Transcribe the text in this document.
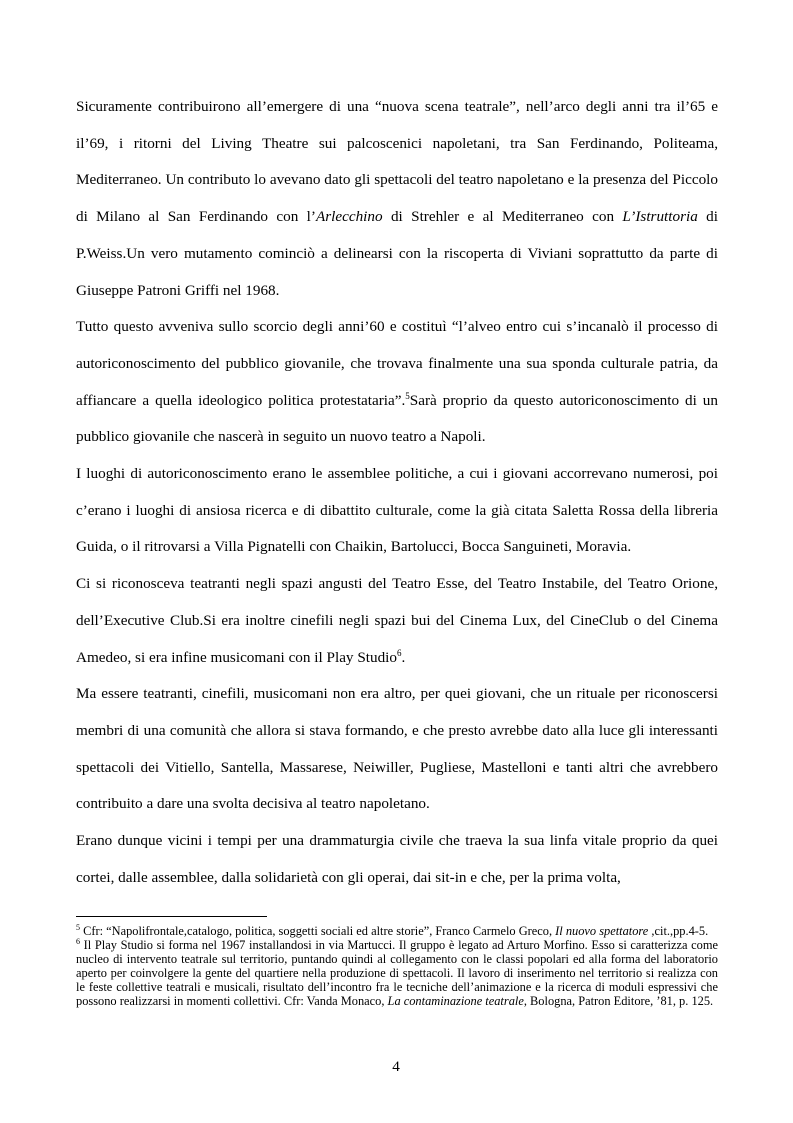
Sicuramente contribuirono all’emergere di una “nuova scena teatrale”, nell’arco degli anni tra il’65 e il’69, i ritorni del Living Theatre sui palcoscenici napoletani, tra San Ferdinando, Politeama, Mediterraneo. Un contributo lo avevano dato gli spettacoli del teatro napoletano e la presenza del Piccolo di Milano al San Ferdinando con l’Arlecchino di Strehler e al Mediterraneo con L’Istruttoria di P.Weiss.Un vero mutamento cominciò a delinearsi con la riscoperta di Viviani soprattutto da parte di Giuseppe Patroni Griffi nel 1968.

Tutto questo avveniva sullo scorcio degli anni’60 e costituì “l’alveo entro cui s’incanalò il processo di autoriconoscimento del pubblico giovanile, che trovava finalmente una sua sponda culturale patria, da affiancare a quella ideologico politica protestataria”.$^5$Sarà proprio da questo autoriconoscimento di un pubblico giovanile che nascerà in seguito un nuovo teatro a Napoli.

I luoghi di autoriconoscimento erano le assemblee politiche, a cui i giovani accorrevano numerosi, poi c’erano i luoghi di ansiosa ricerca e di dibattito culturale, come la già citata Saletta Rossa della libreria Guida, o il ritrovarsi a Villa Pignatelli con Chaikin, Bartolucci, Bocca Sanguineti, Moravia.

Ci si riconosceva teatranti negli spazi angusti del Teatro Esse, del Teatro Instabile, del Teatro Orione, dell’Executive Club.Si era inoltre cinefili negli spazi bui del Cinema Lux, del CineClub o del Cinema Amedeo, si era infine musicomani con il Play Studio$^6$.

Ma essere teatranti, cinefili, musicomani non era altro, per quei giovani, che un rituale per riconoscersi membri di una comunità che allora si stava formando, e che presto avrebbe dato alla luce gli interessanti spettacoli dei Vitiello, Santella, Massarese, Neiwiller, Pugliese, Mastelloni e tanti altri che avrebbero contribuito a dare una svolta decisiva al teatro napoletano.

Erano dunque vicini i tempi per una drammaturgia civile che traeva la sua linfa vitale proprio da quei cortei, dalle assemblee, dalla solidarietà con gli operai, dai sit-in e che, per la prima volta,

$^5$ Cfr: “Napolifrontale,catalogo, politica, soggetti sociali ed altre storie”, Franco Carmelo Greco, Il nuovo spettatore ,cit.,pp.4-5.

$^6$ Il Play Studio si forma nel 1967 installandosi in via Martucci. Il gruppo è legato ad Arturo Morfino. Esso si caratterizza come nucleo di intervento teatrale sul territorio, puntando quindi al collegamento con le classi popolari ed alla forma del laboratorio aperto per coinvolgere la gente del quartiere nella produzione di spettacoli. Il lavoro di inserimento nel territorio si realizza con le feste collettive teatrali e musicali, risultato dell’incontro fra le tecniche dell’animazione e la ricerca di moduli espressivi che possono realizzarsi in momenti collettivi. Cfr: Vanda Monaco, La contaminazione teatrale, Bologna, Patron Editore, ’81, p. 125.

4
